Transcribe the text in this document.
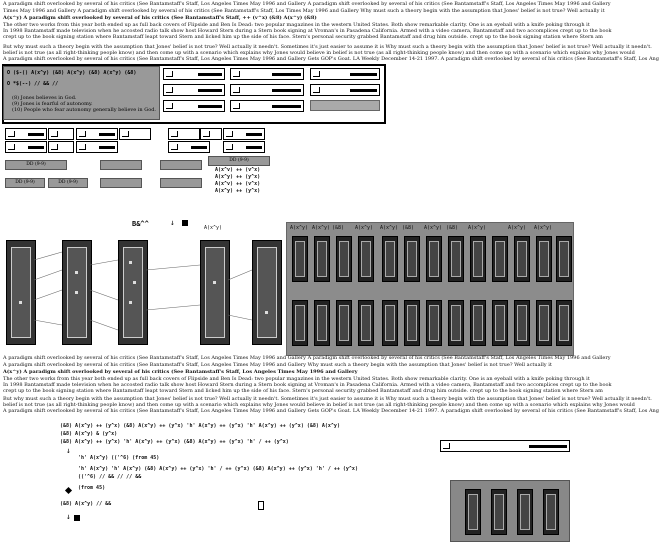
A paradigm shift overlooked by several of his critics (See Bantamstaff's Staff, Los Angeles Times May 1996 and Gallery A paradigm shift overlooked by several of his critics (See Bantamstaff's Staff, Los Angeles Times May 1996 and Gallery
Times May 1996 and Gallery A paradigm shift overlooked by several of his critics (See Bantamstaff's Staff, Los Times May 1996 and Gallery Why must such a theory begin with the assumption that Jones' belief is not true? Well actually it
A(x^y) A paradigm shift overlooked by several of his critics (See Bantamstaff's Staff, ++ (v^x) (&8) A(x^y) (&8)
The other two works from this year both ended up as full back covers of Flipside and Ben Is Dead: two popular magazines in the western United States. Both show remarkable clarity. One is an eyeball with a knife poking through it
In 1998 Bantamstaff made television when he accosted radio talk show host Howard Stern during a Stern book signing at Vroman's in Pasadena California. Armed with a video camera, Bantamstaff and two accomplices crept up to the book
crept up to the book signing station where Bantamstaff leapt toward Stern and licked him up the side of his face. Stern's personal security grabbed Bantamstaff and drug him outside. crept up to the book signing station where Stern am
But why must such a theory begin with the assumption that Jones' belief is not true? Well actually it needn't. Sometimes it's just easier to assume it is Why must such a theory begin with the assumption that Jones' belief is not true? Well actually it needn't.
belief is not true (as all right-thinking people know) and then come up with a scenario which explains why Jones would believe in belief is not true (as all right-thinking people know) and then come up with a scenario which explains why Jones would
A paradigm shift overlooked by several of his critics (See Bantamstaff's Staff, Los Angeles Times May 1996 and Gallery Gets GOP's Goat. LA Weekly December 14-21 1997. A paradigm shift overlooked by several of his critics (See Bantamstaff's Staff, Los Ang
O ($-() A(x^y) (&8) A(x^y) (&8) A(x^y) (&8)
O *$(--) // && //
(8) Jones believes in God.
(9) Jones is fearful of autonomy.
(10) People who fear autonomy generally believe in God.
DD (9-9)
DD (9-9)	DD (9-9)
DD (9-9)
A(x^v) ++ (v^x)
A(x^y) ++ (y^x)
A(x^v) ++ (v^x)
A(x^y) ++ (y^x)
B&^^	↓
A(x^y)	A(x^y) A(x^y) (&8) A(x^y) A(x^y) (&8) A(x^y) (&8) A(x^y)	A(x^y) A(x^y)
A paradigm shift overlooked by several of his critics (See Bantamstaff's Staff, Los Angeles Times May 1996 and Gallery A paradigm shift overlooked by several of his critics (See Bantamstaff's Staff, Los Angeles Times May 1996 and Gallery
A paradigm shift overlooked by several of his critics (See Bantamstaff's Staff, Los Angeles Times May 1996 and Gallery Why must such a theory begin with the assumption that Jones' belief is not true? Well actually it
A(x^y) A paradigm shift overlooked by several of his critics (See Bantamstaff's Staff, Los Angeles Times May 1996 and Gallery
The other two works from this year both ended up as full back covers of Flipside and Ben Is Dead: two popular magazines in the western United States. Both show remarkable clarity. One is an eyeball with a knife poking through it
In 1998 Bantamstaff made television when he accosted radio talk show host Howard Stern during a Stern book signing at Vroman's in Pasadena California. Armed with a video camera, Bantamstaff and two accomplices crept up to the book
crept up to the book signing station where Bantamstaff leapt toward Stern and licked him up the side of his face. Stern's personal security grabbed Bantamstaff and drug him outside. crept up to the book signing station where Stern am
But why must such a theory begin with the assumption that Jones' belief is not true? Well actually it needn't. Sometimes it's just easier to assume it is Why must such a theory begin with the assumption that Jones' belief is not true? Well actually it needn't.
belief is not true (as all right-thinking people know) and then come up with a scenario which explains why Jones would believe in belief is not true (as all right-thinking people know) and then come up with a scenario which explains why Jones would
A paradigm shift overlooked by several of his critics (See Bantamstaff's Staff, Los Angeles Times May 1996 and Gallery Gets GOP's Goat. LA Weekly December 14-21 1997. A paradigm shift overlooked by several of his critics (See Bantamstaff's Staff, Los Ang
(&8) A(x^y) ++ (y^x) (&8) A(x^y) ++ (y^x) 'h' A(x^y) ++ (y^x) 'h' A(x^y) ++ (y^x) (&8) A(x^y)
(&8) A(x^y) & (y^x)
(&8) A(x^y) ++ (y^x) 'h' A(x^y) ++ (y^x) (&8) A(x^y) ++ (y^x) 'h' / ++ (y^x)
↓
'h' A(x^y) (('^6) (from 45)
'h' A(x^y) 'h' A(x^y) (&8) A(x^y) ++ (y^x) 'h' / ++ (y^x) (&8) A(x^y) ++ (y^x) 'h' / ++ (y^x)
(('^6) // && // // &&
(from 45)
(&8) A(x^y) // &&
↓
